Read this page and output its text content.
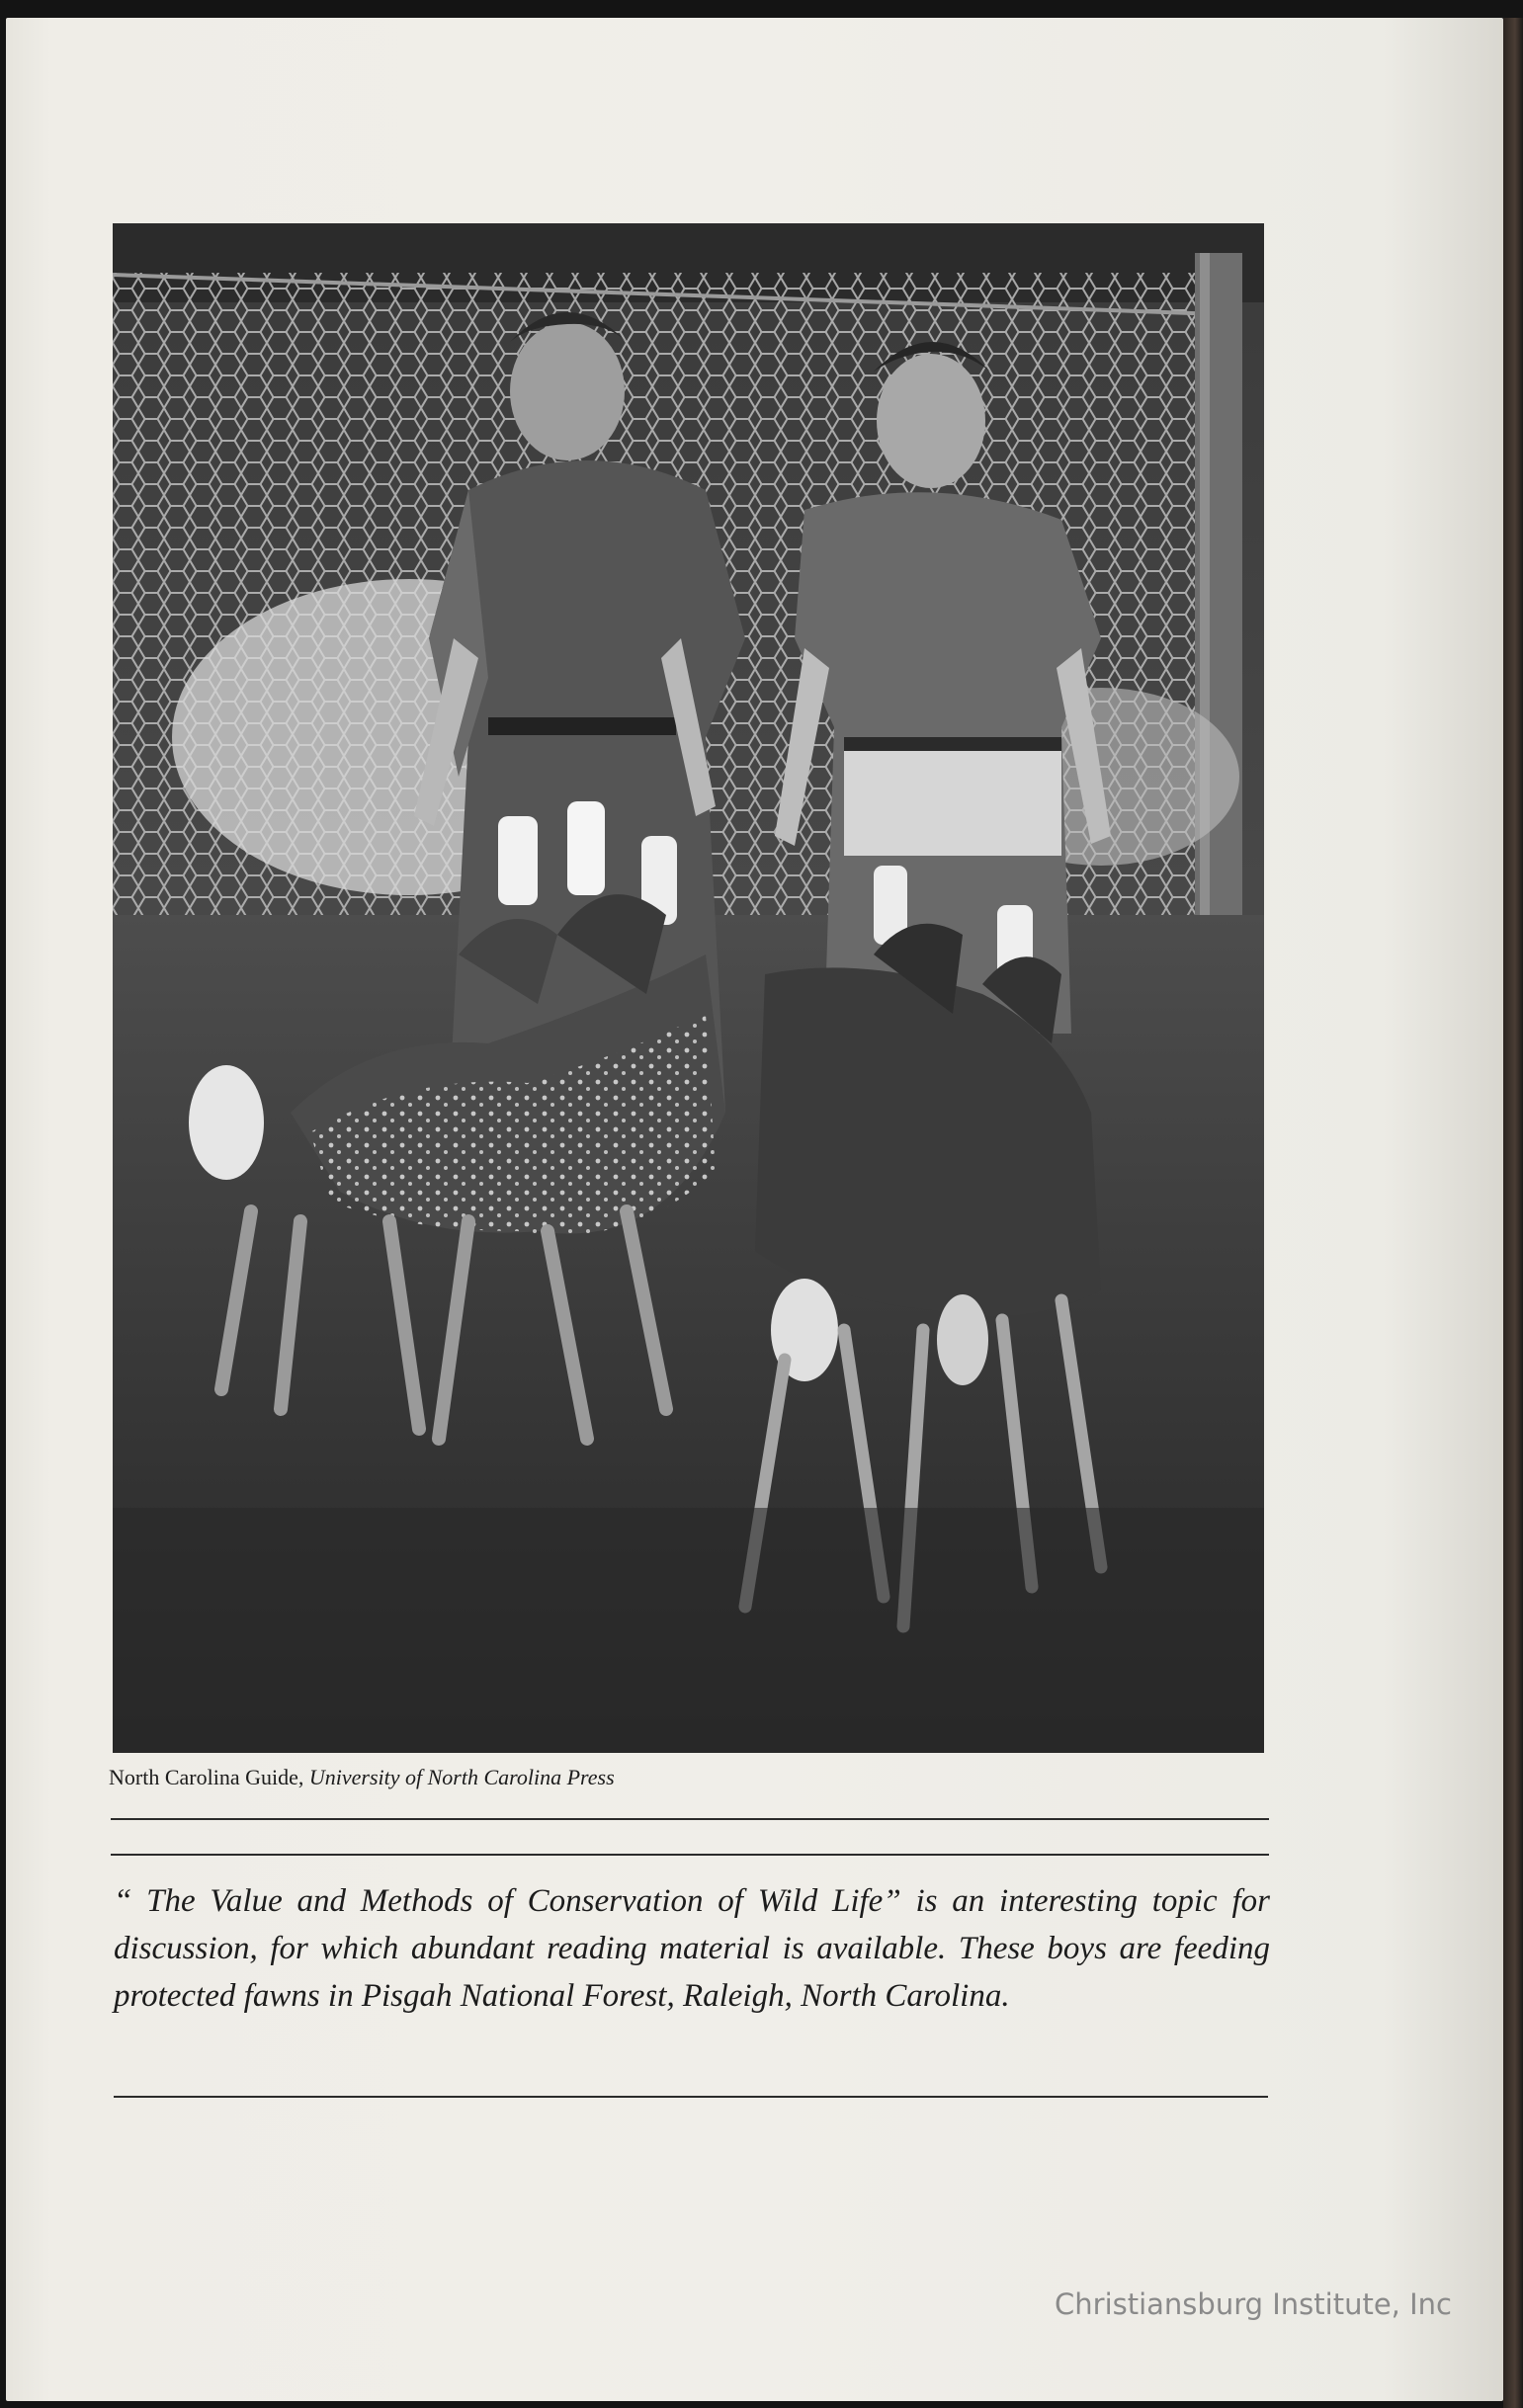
North Carolina Guide, University of North Carolina Press
“ The Value and Methods of Conservation of Wild Life” is an interesting topic for discussion, for which abundant reading material is available. These boys are feeding protected fawns in Pisgah National Forest, Raleigh, North Carolina.
Christiansburg Institute, Inc
